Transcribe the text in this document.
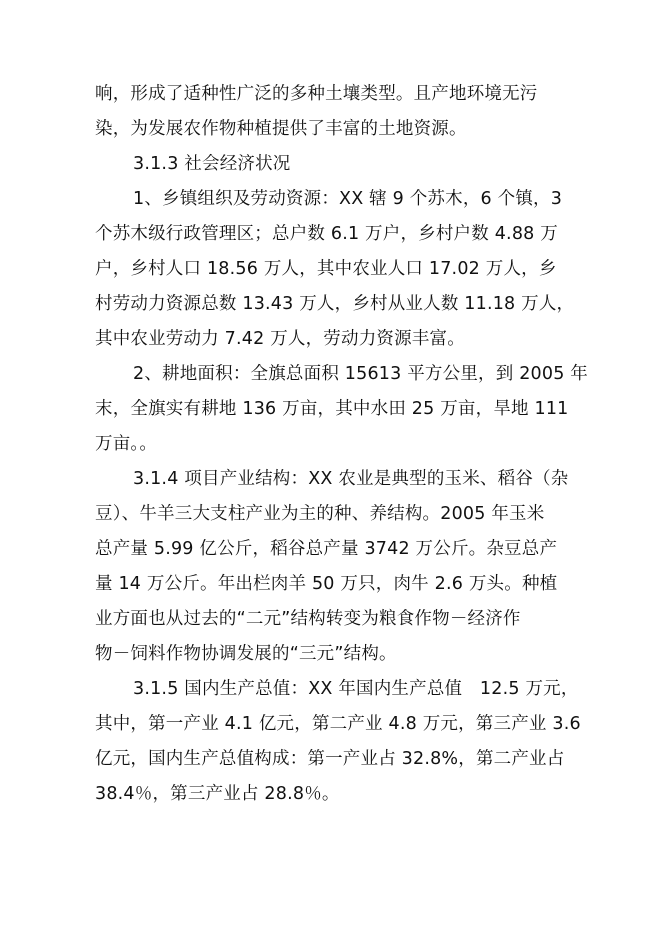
响，形成了适种性广泛的多种土壤类型。且产地环境无污
染，为发展农作物种植提供了丰富的土地资源。
3.1.3 社会经济状况
1、乡镇组织及劳动资源：XX 辖 9 个苏木，6 个镇，3
个苏木级行政管理区；总户数 6.1 万户，乡村户数 4.88 万
户，乡村人口 18.56 万人，其中农业人口 17.02 万人，乡
村劳动力资源总数 13.43 万人，乡村从业人数 11.18 万人，
其中农业劳动力 7.42 万人，劳动力资源丰富。
2、耕地面积：全旗总面积 15613 平方公里，到 2005 年
末，全旗实有耕地 136 万亩，其中水田 25 万亩，旱地 111
万亩。。
3.1.4 项目产业结构：XX 农业是典型的玉米、稻谷（杂
豆）、牛羊三大支柱产业为主的种、养结构。2005 年玉米
总产量 5.99 亿公斤，稻谷总产量 3742 万公斤。杂豆总产
量 14 万公斤。年出栏肉羊 50 万只，肉牛 2.6 万头。种植
业方面也从过去的“二元”结构转变为粮食作物－经济作
物－饲料作物协调发展的“三元”结构。
3.1.5 国内生产总值：XX 年国内生产总值　12.5 万元，
其中，第一产业 4.1 亿元，第二产业 4.8 万元，第三产业 3.6
亿元，国内生产总值构成：第一产业占 32.8%，第二产业占
38.4％，第三产业占 28.8％。
